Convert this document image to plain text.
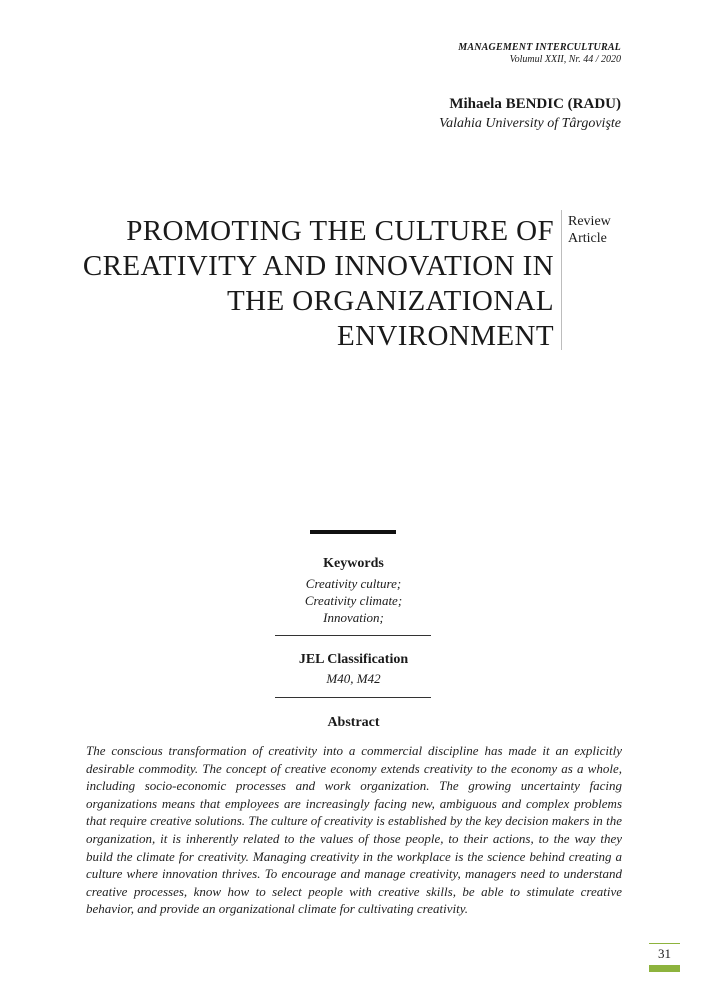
MANAGEMENT INTERCULTURAL
Volumul XXII, Nr. 44 / 2020
Mihaela BENDIC (RADU)
Valahia University of Târgovişte
PROMOTING THE CULTURE OF CREATIVITY AND INNOVATION IN THE ORGANIZATIONAL ENVIRONMENT
Review
Article
Keywords
Creativity culture;
Creativity climate;
Innovation;
JEL Classification
M40, M42
Abstract
The conscious transformation of creativity into a commercial discipline has made it an explicitly desirable commodity. The concept of creative economy extends creativity to the economy as a whole, including socio-economic processes and work organization. The growing uncertainty facing organizations means that employees are increasingly facing new, ambiguous and complex problems that require creative solutions. The culture of creativity is established by the key decision makers in the organization, it is inherently related to the values of those people, to their actions, to the way they build the climate for creativity. Managing creativity in the workplace is the science behind creating a culture where innovation thrives. To encourage and manage creativity, managers need to understand creative processes, know how to select people with creative skills, be able to stimulate creative behavior, and provide an organizational climate for cultivating creativity.
31
